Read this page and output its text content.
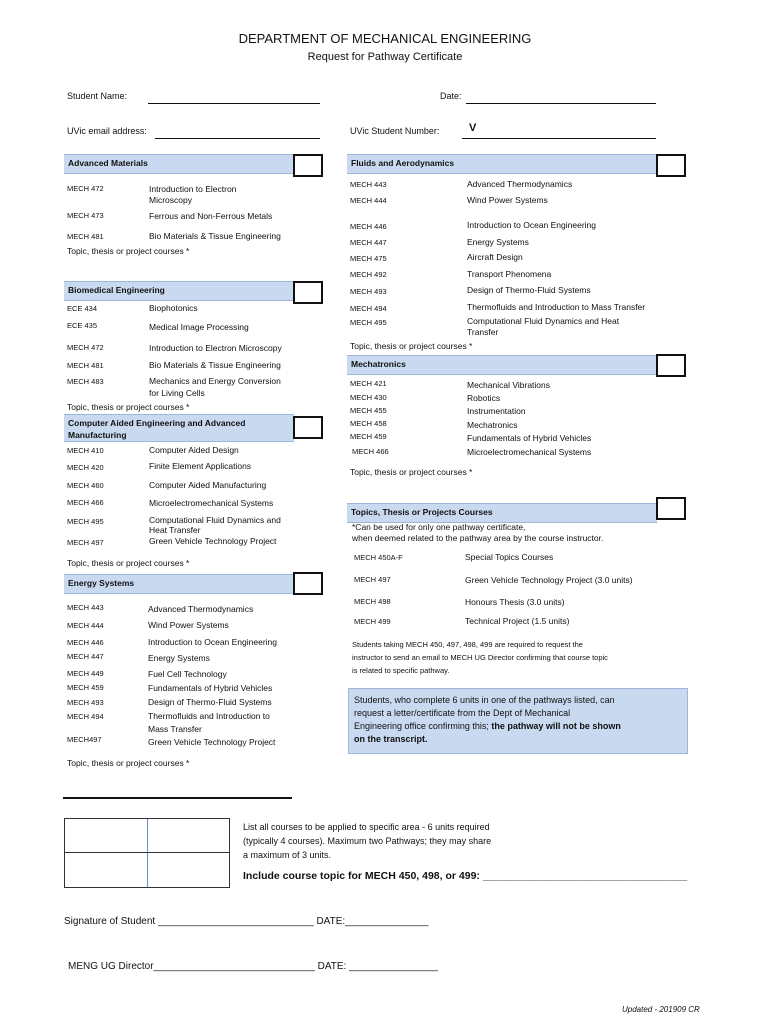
DEPARTMENT OF MECHANICAL ENGINEERING
Request for Pathway Certificate
Student Name:	Date:
UVic email address:	UVic Student Number:	V
Advanced Materials
MECH 472	Introduction to Electron
Microscopy
MECH 473	Ferrous and Non-Ferrous Metals
MECH 481	Bio Materials & Tissue Engineering
Topic, thesis or project courses *
Biomedical Engineering
ECE 434	Biophotonics
ECE 435	Medical Image Processing
MECH 472	Introduction to Electron Microscopy
MECH 481	Bio Materials & Tissue Engineering
MECH 483	Mechanics and Energy Conversion
for Living Cells
Topic, thesis or project courses *
Computer Aided Engineering and Advanced
Manufacturing
MECH 410	Computer Aided Design
MECH 420	Finite Element Applications
MECH 460	Computer Aided Manufacturing
MECH 466	Microelectromechanical Systems
MECH 495	Computational Fluid Dynamics and
Heat Transfer
MECH 497	Green Vehicle Technology Project
Topic, thesis or project courses *
Energy Systems
MECH 443	Advanced Thermodynamics
MECH 444	Wind Power Systems
MECH 446	Introduction to Ocean Engineering
MECH 447	Energy Systems
MECH 449	Fuel Cell Technology
MECH 459	Fundamentals of Hybrid Vehicles
MECH 493	Design of Thermo-Fluid Systems
MECH 494	Thermofluids and Introduction to
Mass Transfer
MECH497	Green Vehicle Technology Project
Topic, thesis or project courses *
Fluids and Aerodynamics
MECH 443	Advanced Thermodynamics
MECH 444	Wind Power Systems
MECH 446	Introduction to Ocean Engineering
MECH 447	Energy Systems
MECH 475	Aircraft Design
MECH 492	Transport Phenomena
MECH 493	Design of Thermo-Fluid Systems
MECH 494	Thermofluids and Introduction to Mass Transfer
MECH 495	Computational Fluid Dynamics and Heat
Transfer
Topic, thesis or project courses *
Mechatronics
MECH 421	Mechanical Vibrations
MECH 430	Robotics
MECH 455	Instrumentation
MECH 458	Mechatronics
MECH 459	Fundamentals of Hybrid Vehicles
MECH 466	Microelectromechanical Systems
Topic, thesis or project courses *
Topics, Thesis or Projects Courses
*Can be used for only one pathway certificate,
when deemed related to the pathway area by the course instructor.
MECH 450A-F	Special Topics Courses
MECH 497	Green Vehicle Technology Project (3.0 units)
MECH 498	Honours Thesis (3.0 units)
MECH 499	Technical Project (1.5 units)
Students taking MECH 450, 497, 498, 499 are required to request the
instructor to send an email to MECH UG Director confirming that course topic
is related to specific pathway.

Students, who complete 6 units in one of the pathways listed, can
request a letter/certificate from the Dept of Mechanical
Engineering office confirming this; the pathway will not be shown
on the transcript.

List all courses to be applied to specific area - 6 units required
(typically 4 courses). Maximum two Pathways; they may share
a maximum of 3 units.
Include course topic for MECH 450, 498, or 499: ___________________________________
Signature of Student ____________________________ DATE:_______________
MENG UG Director_____________________________ DATE: ________________
Updated - 201909 CR
